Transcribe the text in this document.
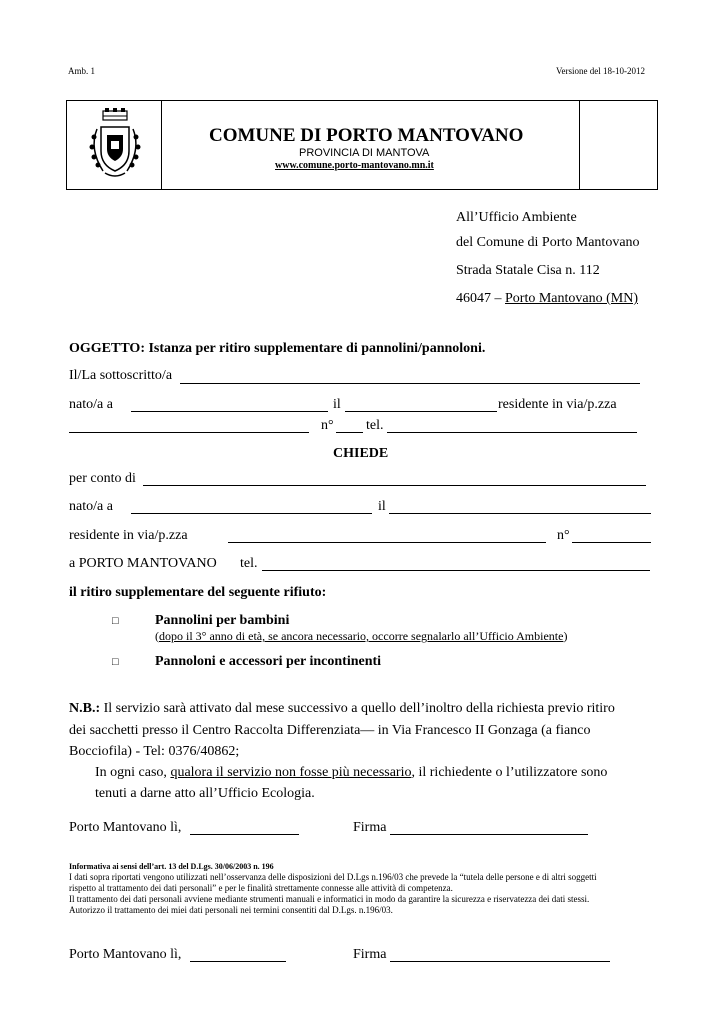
Amb. 1	Versione del 18-10-2012
COMUNE DI PORTO MANTOVANO
PROVINCIA DI MANTOVA
www.comune.porto-mantovano.mn.it
All’Ufficio Ambiente
del Comune di Porto Mantovano
Strada Statale Cisa n. 112
46047 – Porto Mantovano (MN)
OGGETTO: Istanza per ritiro supplementare di pannolini/pannoloni.
Il/La sottoscritto/a
nato/a a	il	residente in via/p.zza
n° tel.
CHIEDE
per conto di
nato/a a	il
residente in via/p.zza	n°
a PORTO MANTOVANO tel.
il ritiro supplementare del seguente rifiuto:
□	Pannolini per bambini
(dopo il 3° anno di età, se ancora necessario, occorre segnalarlo all’Ufficio Ambiente)
□	Pannoloni e accessori per incontinenti
N.B.: Il servizio sarà attivato dal mese successivo a quello dell’inoltro della richiesta previo ritiro
dei sacchetti presso il Centro Raccolta Differenziata— in Via Francesco II Gonzaga (a fianco
Bocciofila) - Tel: 0376/40862;
In ogni caso, qualora il servizio non fosse più necessario, il richiedente o l’utilizzatore sono
tenuti a darne atto all’Ufficio Ecologia.
Porto Mantovano lì,	Firma
Informativa ai sensi dell’art. 13 del D.Lgs. 30/06/2003 n. 196
I dati sopra riportati vengono utilizzati nell’osservanza delle disposizioni del D.Lgs n.196/03 che prevede la “tutela delle persone e di altri soggetti
rispetto al trattamento dei dati personali” e per le finalità strettamente connesse alle attività di competenza.
Il trattamento dei dati personali avviene mediante strumenti manuali e informatici in modo da garantire la sicurezza e riservatezza dei dati stessi.
Autorizzo il trattamento dei miei dati personali nei termini consentiti dal D.Lgs. n.196/03.
Porto Mantovano lì,	Firma
